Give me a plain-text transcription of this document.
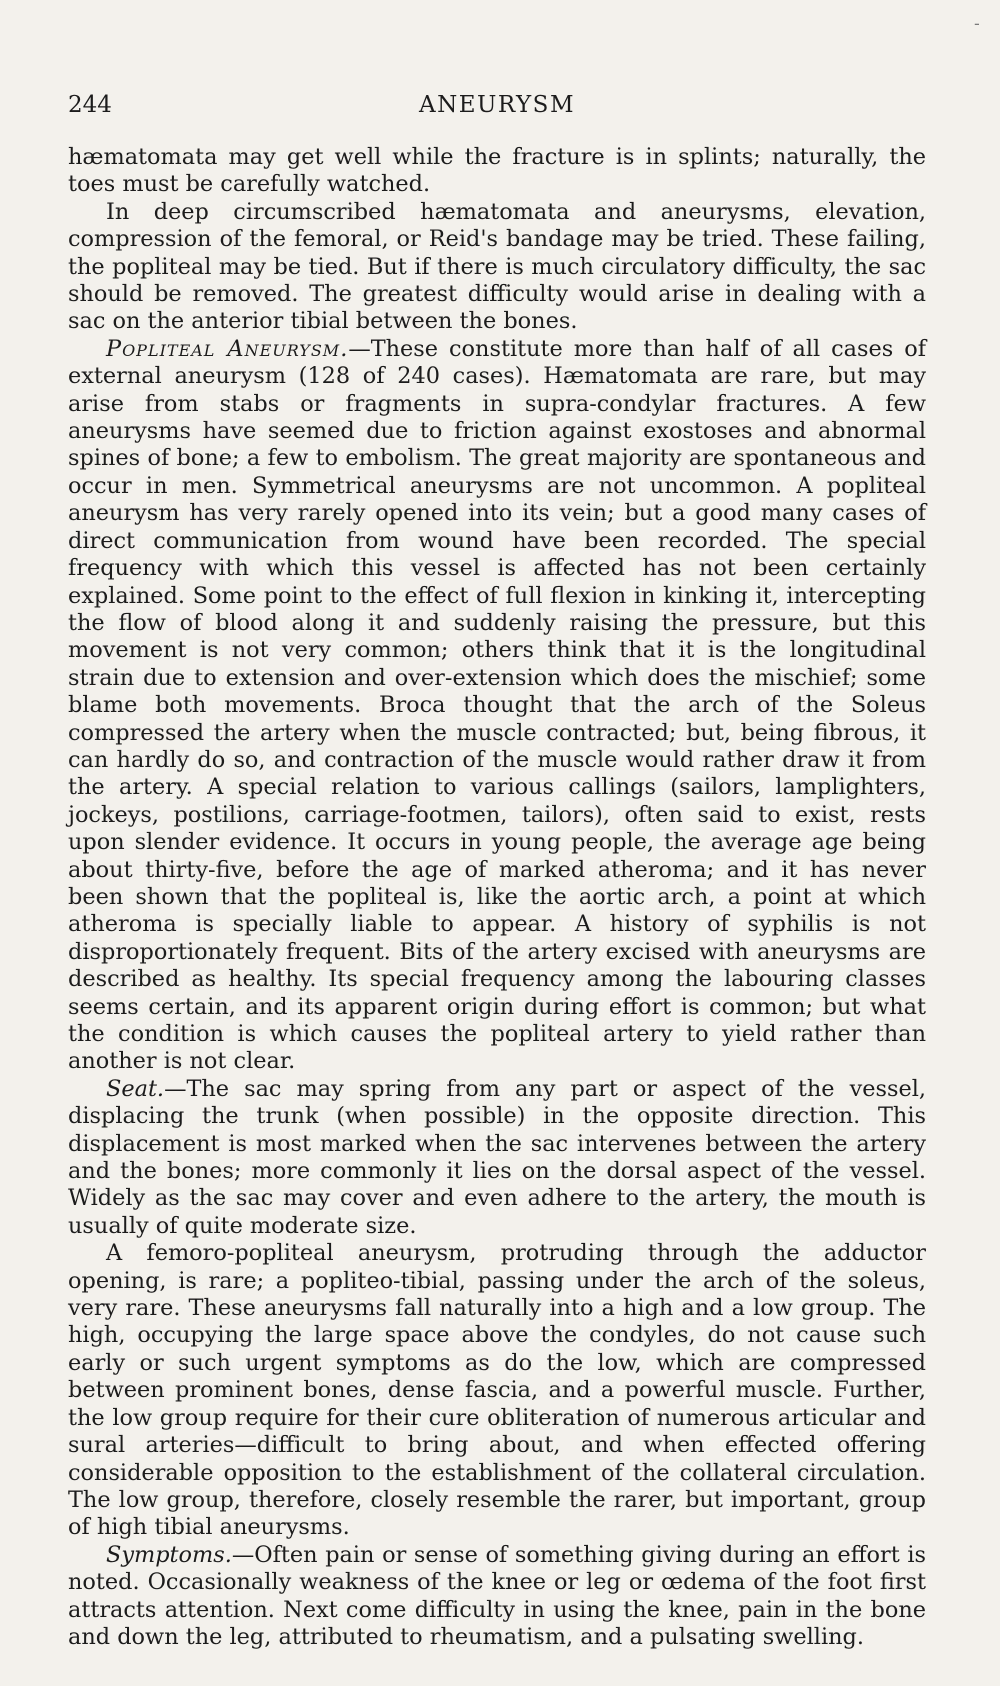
-
244	ANEURYSM

hæmatomata may get well while the fracture is in splints; naturally, the toes must be carefully watched.

In deep circumscribed hæmatomata and aneurysms, elevation, compression of the femoral, or Reid's bandage may be tried. These failing, the popliteal may be tied. But if there is much circulatory difficulty, the sac should be removed. The greatest difficulty would arise in dealing with a sac on the anterior tibial between the bones.

Popliteal Aneurysm.—These constitute more than half of all cases of external aneurysm (128 of 240 cases). Hæmatomata are rare, but may arise from stabs or fragments in supra-condylar fractures. A few aneurysms have seemed due to friction against exostoses and abnormal spines of bone; a few to embolism. The great majority are spontaneous and occur in men. Symmetrical aneurysms are not uncommon. A popliteal aneurysm has very rarely opened into its vein; but a good many cases of direct communication from wound have been recorded. The special frequency with which this vessel is affected has not been certainly explained. Some point to the effect of full flexion in kinking it, intercepting the flow of blood along it and suddenly raising the pressure, but this movement is not very common; others think that it is the longitudinal strain due to extension and over-extension which does the mischief; some blame both movements. Broca thought that the arch of the Soleus compressed the artery when the muscle contracted; but, being fibrous, it can hardly do so, and contraction of the muscle would rather draw it from the artery. A special relation to various callings (sailors, lamplighters, jockeys, postilions, carriage-footmen, tailors), often said to exist, rests upon slender evidence. It occurs in young people, the average age being about thirty-five, before the age of marked atheroma; and it has never been shown that the popliteal is, like the aortic arch, a point at which atheroma is specially liable to appear. A history of syphilis is not disproportionately frequent. Bits of the artery excised with aneurysms are described as healthy. Its special frequency among the labouring classes seems certain, and its apparent origin during effort is common; but what the condition is which causes the popliteal artery to yield rather than another is not clear.

Seat.—The sac may spring from any part or aspect of the vessel, displacing the trunk (when possible) in the opposite direction. This displacement is most marked when the sac intervenes between the artery and the bones; more commonly it lies on the dorsal aspect of the vessel. Widely as the sac may cover and even adhere to the artery, the mouth is usually of quite moderate size.

A femoro-popliteal aneurysm, protruding through the adductor opening, is rare; a popliteo-tibial, passing under the arch of the soleus, very rare. These aneurysms fall naturally into a high and a low group. The high, occupying the large space above the condyles, do not cause such early or such urgent symptoms as do the low, which are compressed between prominent bones, dense fascia, and a powerful muscle. Further, the low group require for their cure obliteration of numerous articular and sural arteries—difficult to bring about, and when effected offering considerable opposition to the establishment of the collateral circulation. The low group, therefore, closely resemble the rarer, but important, group of high tibial aneurysms.

Symptoms.—Often pain or sense of something giving during an effort is noted. Occasionally weakness of the knee or leg or œdema of the foot first attracts attention. Next come difficulty in using the knee, pain in the bone and down the leg, attributed to rheumatism, and a pulsating swelling.
